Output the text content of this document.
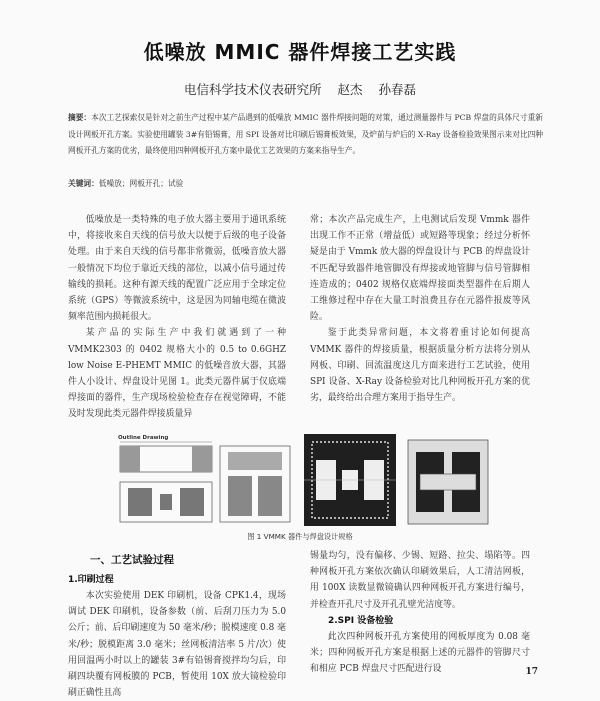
低噪放 MMIC 器件焊接工艺实践
电信科学技术仪表研究所 赵杰 孙春磊
摘要：本次工艺探索仅是针对之前生产过程中某产品遇到的低噪放 MMIC 器件焊接问题的对策，通过测量器件与 PCB 焊盘的具体尺寸重新设计网板开孔方案。实验使用罐装 3#有铅锡膏，用 SPI 设备对比印刷后锡膏板效果，及炉前与炉后的 X-Ray 设备检验效果图示来对比四种网板开孔方案的优劣，最终使用四种网板开孔方案中最优工艺效果的方案来指导生产。
关键词：低噪放；网板开孔；试验

低噪放是一类特殊的电子放大器主要用于通讯系统中，将接收来自天线的信号放大以便于后级的电子设备处理。由于来自天线的信号都非常微弱，低噪音放大器一般情况下均位于靠近天线的部位，以减小信号通过传输线的损耗。这种有源天线的配置广泛应用于全球定位系统（GPS）等微波系统中，这是因为同轴电缆在微波频率范围内损耗很大。

某产品的实际生产中我们就遇到了一种 VMMK2303 的 0402 规格大小的 0.5 to 0.6GHZ low Noise E-PHEMT MMIC 的低噪音放大器，其器件人小设计、焊盘设计见图 1。此类元器件属于仅底端焊接面的器件，生产现场检验检查存在视觉障碍，不能及时发现此类元器件焊接质量异

常；本次产品完成生产，上电测试后发现 Vmmk 器件出现工作不正常（增益低）或短路等现象；经过分析怀疑是由于 Vmmk 放大器的焊盘设计与 PCB 的焊盘设计不匹配导致器件地管脚没有焊接或地管脚与信号管脚相连造成的；0402 规格仅底端焊接面类型器件在后期人工维修过程中存在大量工时浪费且存在元器件报废等风险。

鉴于此类异常问题，本文将着重讨论如何提高 VMMK 器件的焊接质量，根据质量分析方法将分别从网板、印刷、回流温度这几方面来进行工艺试验，使用 SPI 设备、X-Ray 设备检验对比几种网板开孔方案的优劣，最终给出合理方案用于指导生产。

Outline Drawing
图 1 VMMK 器件与焊盘设计规格
一、工艺试验过程
1.印刷过程

本次实验使用 DEK 印刷机，设备 CPK1.4，现场调试 DEK 印刷机，设备参数（前、后刮刀压力为 5.0 公斤；前、后印刷速度为 50 毫米/秒；脱模速度 0.8 毫米/秒；脱模距离 3.0 毫米；丝网板清洁率 5 片/次）使用回温两小时以上的罐装 3#有铅锡膏搅拌均匀后，印刷四块覆有网板膜的 PCB，暂使用 10X 放大镜检验印刷正确性且高

锡量均匀，没有偏移、少锡、短路、拉尖、塌陷等。四种网板开孔方案依次确认印刷效果后，人工清洁网板，用 100X 读数显微镜确认四种网板开孔方案进行编号，并检查开孔尺寸及开孔孔壁光洁度等。

2.SPI 设备检验

此次四种网板开孔方案使用的网板厚度为 0.08 毫米；四种网板开孔方案是根据上述的元器件的管脚尺寸和相应 PCB 焊盘尺寸匹配进行设	17
